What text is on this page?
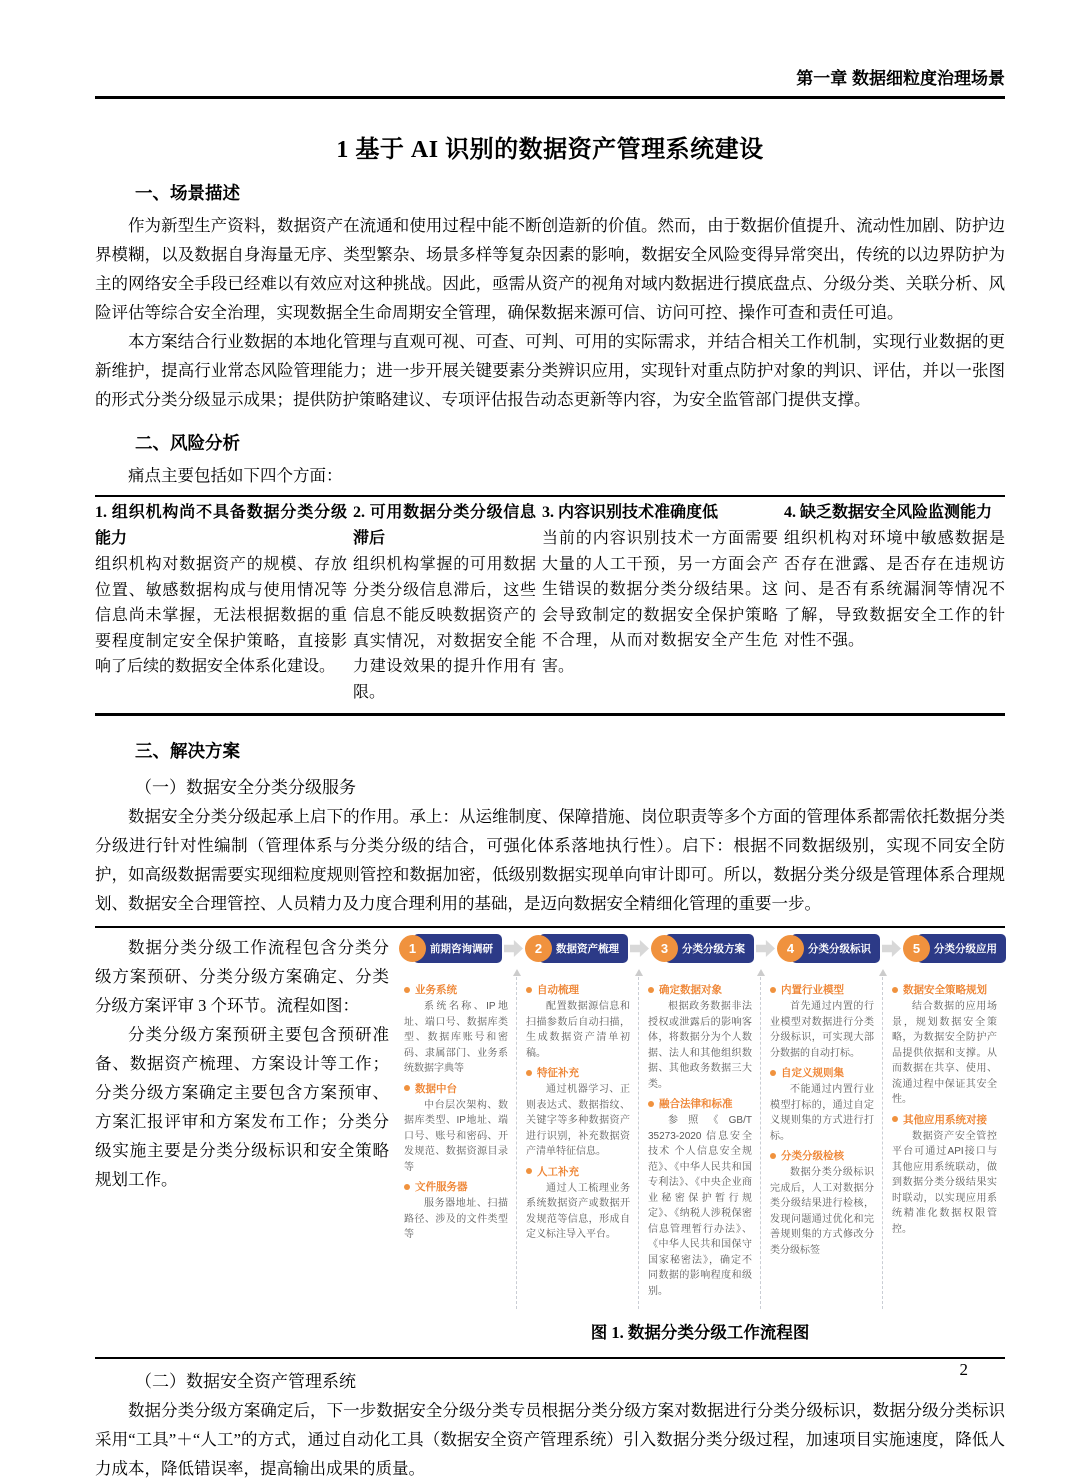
第一章 数据细粒度治理场景
1 基于 AI 识别的数据资产管理系统建设
一、场景描述

作为新型生产资料，数据资产在流通和使用过程中能不断创造新的价值。然而，由于数据价值提升、流动性加剧、防护边界模糊，以及数据自身海量无序、类型繁杂、场景多样等复杂因素的影响，数据安全风险变得异常突出，传统的以边界防护为主的网络安全手段已经难以有效应对这种挑战。因此，亟需从资产的视角对域内数据进行摸底盘点、分级分类、关联分析、风险评估等综合安全治理，实现数据全生命周期安全管理，确保数据来源可信、访问可控、操作可查和责任可追。

本方案结合行业数据的本地化管理与直观可视、可查、可判、可用的实际需求，并结合相关工作机制，实现行业数据的更新维护，提高行业常态风险管理能力；进一步开展关键要素分类辨识应用，实现针对重点防护对象的判识、评估，并以一张图的形式分类分级显示成果；提供防护策略建议、专项评估报告动态更新等内容，为安全监管部门提供支撑。

二、风险分析

痛点主要包括如下四个方面：

1. 组织机构尚不具备数据分类分级能力

组织机构对数据资产的规模、存放位置、敏感数据构成与使用情况等信息尚未掌握，无法根据数据的重要程度制定安全保护策略，直接影响了后续的数据安全体系化建设。

2. 可用数据分类分级信息滞后

组织机构掌握的可用数据分类分级信息滞后，这些信息不能反映数据资产的真实情况，对数据安全能力建设效果的提升作用有限。

3. 内容识别技术准确度低

当前的内容识别技术一方面需要大量的人工干预，另一方面会产生错误的数据分类分级结果。这会导致制定的数据安全保护策略不合理，从而对数据安全产生危害。

4. 缺乏数据安全风险监测能力

组织机构对环境中敏感数据是否存在泄露、是否存在违规访问、是否有系统漏洞等情况不了解，导致数据安全工作的针对性不强。

三、解决方案
（一）数据安全分类分级服务

数据安全分类分级起承上启下的作用。承上：从运维制度、保障措施、岗位职责等多个方面的管理体系都需依托数据分类分级进行针对性编制（管理体系与分类分级的结合，可强化体系落地执行性）。启下：根据不同数据级别，实现不同安全防护，如高级数据需要实现细粒度规则管控和数据加密，低级别数据实现单向审计即可。所以，数据分类分级是管理体系合理规划、数据安全合理管控、人员精力及力度合理利用的基础，是迈向数据安全精细化管理的重要一步。

数据分类分级工作流程包含分类分级方案预研、分类分级方案确定、分类分级方案评审 3 个环节。流程如图：

分类分级方案预研主要包含预研准备、数据资产梳理、方案设计等工作；分类分级方案确定主要包含方案预审、方案汇报评审和方案发布工作；分类分级实施主要是分类分级标识和安全策略规划工作。

1	前期咨询调研	2	数据资产梳理	3	分类分级方案	4	分类分级标识	5	分类分级应用
业务系统
系统名称、IP地址、端口号、数据库类型、数据库账号和密码、隶属部门、业务系统数据字典等
数据中台
中台层次架构、数据库类型、IP地址、端口号、账号和密码、开发规范、数据资源目录等
文件服务器
服务器地址、扫描路径、涉及的文件类型等
自动梳理
配置数据源信息和扫描参数后自动扫描，生成数据资产清单初稿。
特征补充
通过机器学习、正则表达式、数据指纹、关键字等多种数据资产进行识别，补充数据资产清单特征信息。
人工补充
通过人工梳理业务系统数据资产或数据开发规范等信息，形成自定义标注导入平台。
确定数据对象
根据政务数据非法授权或泄露后的影响客体，将数据分为个人数据、法人和其他组织数据、其他政务数据三大类。
融合法律和标准
参照《GB/T 35273-2020 信息安全技术 个人信息安全规范》、《中华人民共和国专利法》、《中央企业商业秘密保护暂行规定》、《纳税人涉税保密信息管理暂行办法》、《中华人民共和国保守国家秘密法》，确定不同数据的影响程度和级别。
内置行业模型
首先通过内置的行业模型对数据进行分类分级标识，可实现大部分数据的自动打标。
自定义规则集
不能通过内置行业模型打标的，通过自定义规则集的方式进行打标。
分类分级检核
数据分类分级标识完成后，人工对数据分类分级结果进行检核，发现问题通过优化和完善规则集的方式修改分类分级标签
数据安全策略规划
结合数据的应用场景，规划数据安全策略，为数据安全防护产品提供依据和支撑。从而数据在共享、使用、流通过程中保证其安全性。
其他应用系统对接
数据资产安全管控平台可通过API接口与其他应用系统联动，做到数据分类分级结果实时联动，以实现应用系统精准化数据权限管控。
图 1. 数据分类分级工作流程图
（二）数据安全资产管理系统

数据分类分级方案确定后，下一步数据安全分级分类专员根据分类分级方案对数据进行分类分级标识，数据分级分类标识采用“工具”＋“人工”的方式，通过自动化工具（数据安全资产管理系统）引入数据分类分级过程，加速项目实施速度，降低人力成本，降低错误率，提高输出成果的质量。

2
